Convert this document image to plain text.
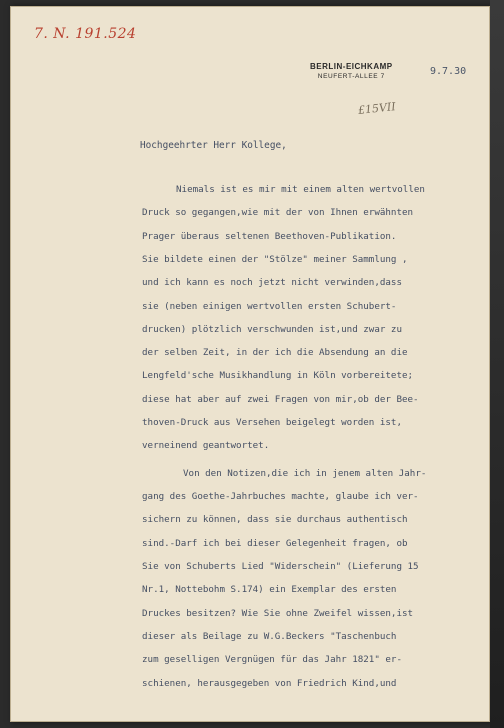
7. N. 191.524
BERLIN-EICHKAMP
NEUFERT-ALLEE 7	9.7.30
£15VII
Hochgeehrter Herr Kollege,
Niemals ist es mir mit einem alten wertvollen
Druck so gegangen,wie mit der von Ihnen erwähnten
Prager überaus seltenen Beethoven-Publikation.
Sie bildete einen der "Stölze" meiner Sammlung ,
und ich kann es noch jetzt nicht verwinden,dass
sie (neben einigen wertvollen ersten Schubert-
drucken) plötzlich verschwunden ist,und zwar zu
der selben Zeit, in der ich die Absendung an die
Lengfeld'sche Musikhandlung in Köln vorbereitete;
diese hat aber auf zwei Fragen von mir,ob der Bee-
thoven-Druck aus Versehen beigelegt worden ist,
verneinend geantwortet.
Von den Notizen,die ich in jenem alten Jahr-
gang des Goethe-Jahrbuches machte, glaube ich ver-
sichern zu können, dass sie durchaus authentisch
sind.-Darf ich bei dieser Gelegenheit fragen, ob
Sie von Schuberts Lied "Widerschein" (Lieferung 15
Nr.1, Nottebohm S.174) ein Exemplar des ersten
Druckes besitzen? Wie Sie ohne Zweifel wissen,ist
dieser als Beilage zu W.G.Beckers "Taschenbuch
zum geselligen Vergnügen für das Jahr 1821" er-
schienen, herausgegeben von Friedrich Kind,und
